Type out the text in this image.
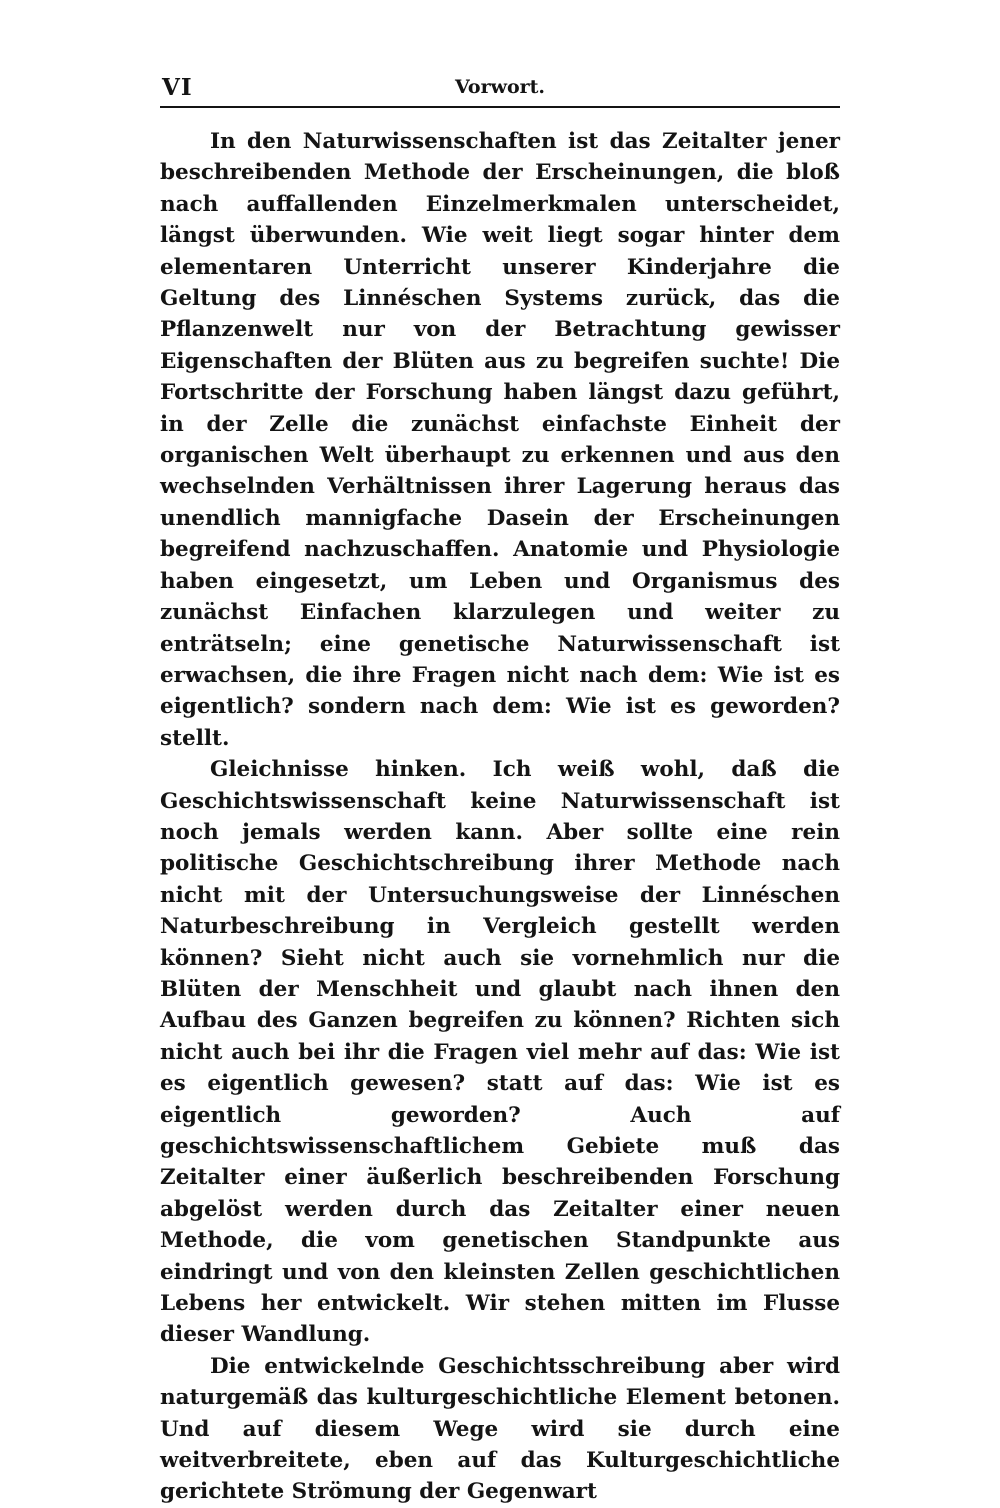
VI	Vorwort.

In den Naturwissenschaften ist das Zeitalter jener beschreibenden Methode der Erscheinungen, die bloß nach auffallenden Einzelmerkmalen unterscheidet, längst überwunden. Wie weit liegt sogar hinter dem elementaren Unterricht unserer Kinderjahre die Geltung des Linnéschen Systems zurück, das die Pflanzenwelt nur von der Betrachtung gewisser Eigenschaften der Blüten aus zu begreifen suchte! Die Fortschritte der Forschung haben längst dazu geführt, in der Zelle die zunächst einfachste Einheit der organischen Welt überhaupt zu erkennen und aus den wechselnden Verhältnissen ihrer Lagerung heraus das unendlich mannigfache Dasein der Erscheinungen begreifend nachzuschaffen. Anatomie und Physiologie haben eingesetzt, um Leben und Organismus des zunächst Einfachen klarzulegen und weiter zu enträtseln; eine genetische Naturwissenschaft ist erwachsen, die ihre Fragen nicht nach dem: Wie ist es eigentlich? sondern nach dem: Wie ist es geworden? stellt.

Gleichnisse hinken. Ich weiß wohl, daß die Geschichtswissenschaft keine Naturwissenschaft ist noch jemals werden kann. Aber sollte eine rein politische Geschichtschreibung ihrer Methode nach nicht mit der Untersuchungsweise der Linnéschen Naturbeschreibung in Vergleich gestellt werden können? Sieht nicht auch sie vornehmlich nur die Blüten der Menschheit und glaubt nach ihnen den Aufbau des Ganzen begreifen zu können? Richten sich nicht auch bei ihr die Fragen viel mehr auf das: Wie ist es eigentlich gewesen? statt auf das: Wie ist es eigentlich geworden? Auch auf geschichtswissenschaftlichem Gebiete muß das Zeitalter einer äußerlich beschreibenden Forschung abgelöst werden durch das Zeitalter einer neuen Methode, die vom genetischen Standpunkte aus eindringt und von den kleinsten Zellen geschichtlichen Lebens her entwickelt. Wir stehen mitten im Flusse dieser Wandlung.

Die entwickelnde Geschichtsschreibung aber wird naturgemäß das kulturgeschichtliche Element betonen. Und auf diesem Wege wird sie durch eine weitverbreitete, eben auf das Kulturgeschichtliche gerichtete Strömung der Gegenwart
